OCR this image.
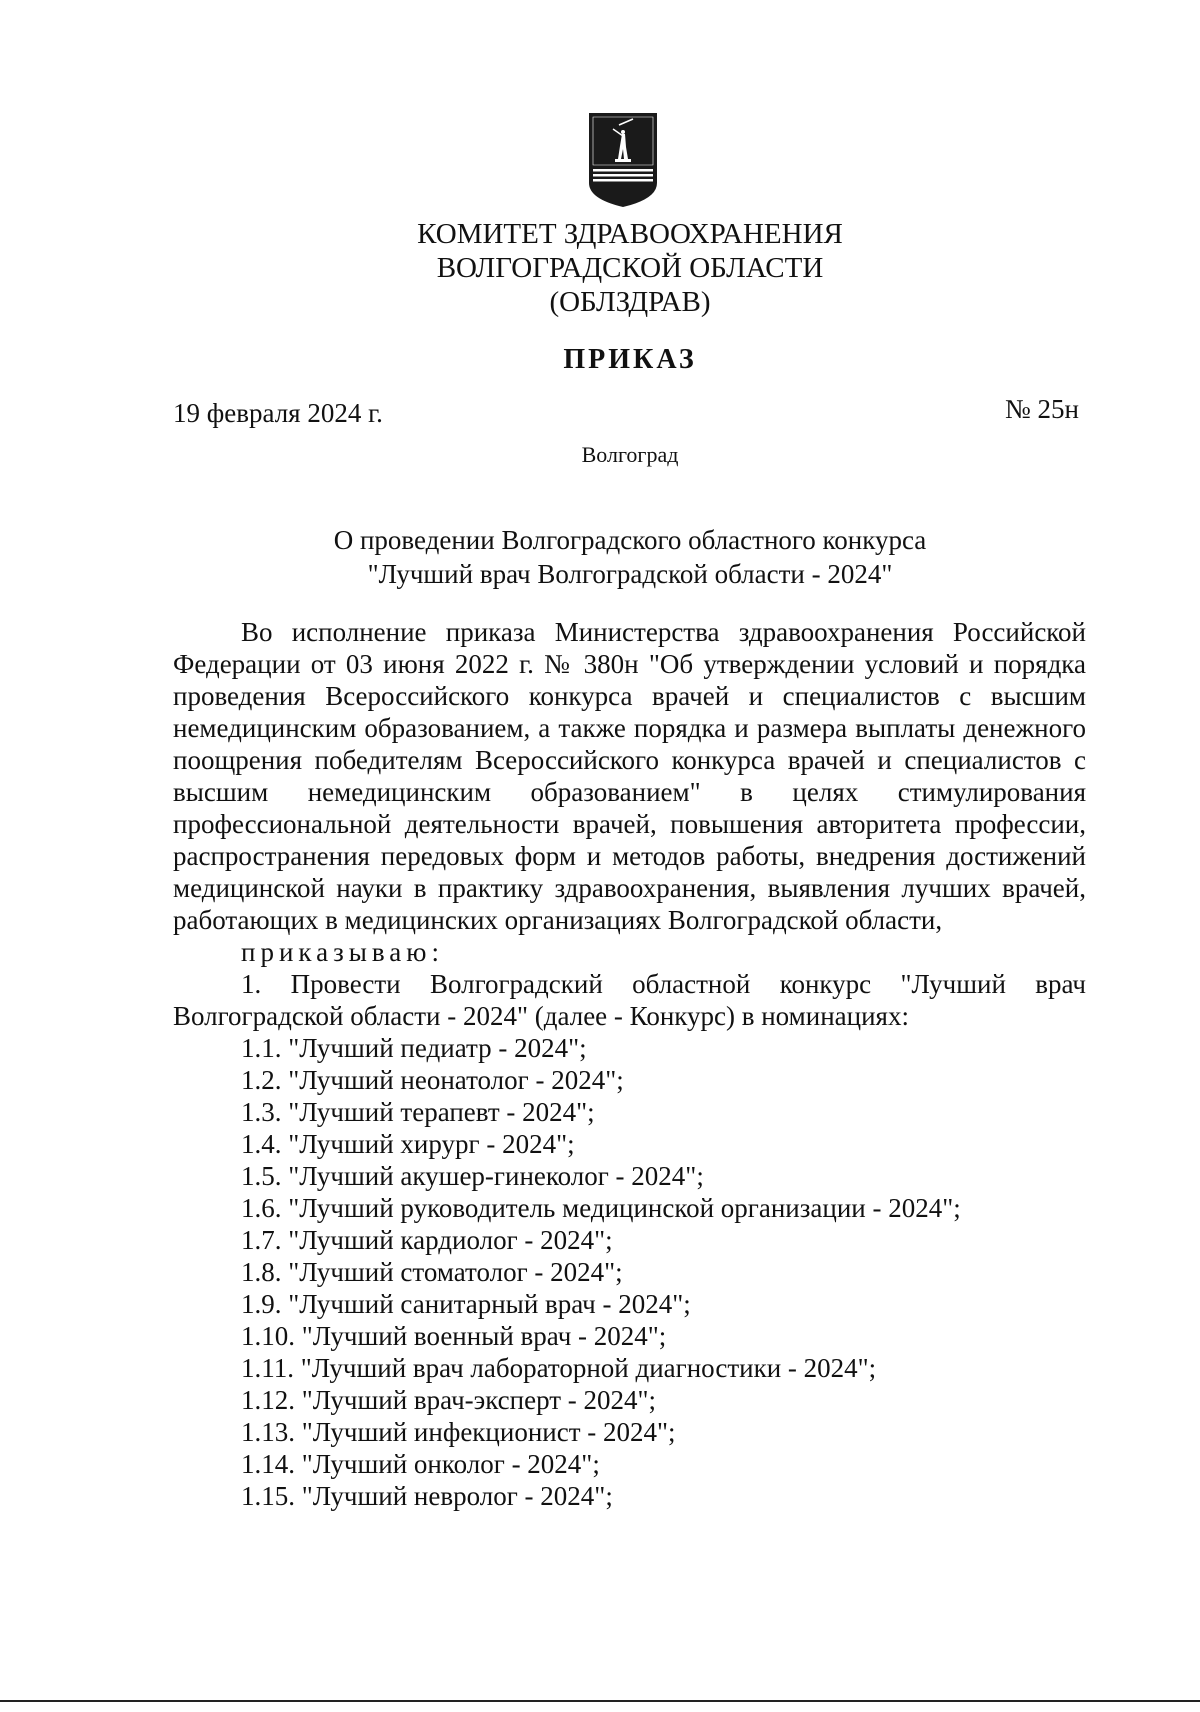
КОМИТЕТ ЗДРАВООХРАНЕНИЯ
ВОЛГОГРАДСКОЙ ОБЛАСТИ
(ОБЛЗДРАВ)
ПРИКАЗ
19 февраля 2024 г.	№ 25н
Волгоград
О проведении Волгоградского областного конкурса
"Лучший врач Волгоградской области - 2024"

Во исполнение приказа Министерства здравоохранения Российской Федерации от 03 июня 2022 г. № 380н "Об утверждении условий и порядка проведения Всероссийского конкурса врачей и специалистов с высшим немедицинским образованием, а также порядка и размера выплаты денежного поощрения победителям Всероссийского конкурса врачей и специалистов с высшим немедицинским образованием" в целях стимулирования профессиональной деятельности врачей, повышения авторитета профессии, распространения передовых форм и методов работы, внедрения достижений медицинской науки в практику здравоохранения, выявления лучших врачей, работающих в медицинских организациях Волгоградской области,

приказываю:

1. Провести Волгоградский областной конкурс "Лучший врач Волгоградской области - 2024" (далее - Конкурс) в номинациях:

1.1. "Лучший педиатр - 2024";
1.2. "Лучший неонатолог - 2024";
1.3. "Лучший терапевт - 2024";
1.4. "Лучший хирург - 2024";
1.5. "Лучший акушер-гинеколог - 2024";
1.6. "Лучший руководитель медицинской организации - 2024";
1.7. "Лучший кардиолог - 2024";
1.8. "Лучший стоматолог - 2024";
1.9. "Лучший санитарный врач - 2024";
1.10. "Лучший военный врач - 2024";
1.11. "Лучший врач лабораторной диагностики - 2024";
1.12. "Лучший врач-эксперт - 2024";
1.13. "Лучший инфекционист - 2024";
1.14. "Лучший онколог - 2024";
1.15. "Лучший невролог - 2024";
